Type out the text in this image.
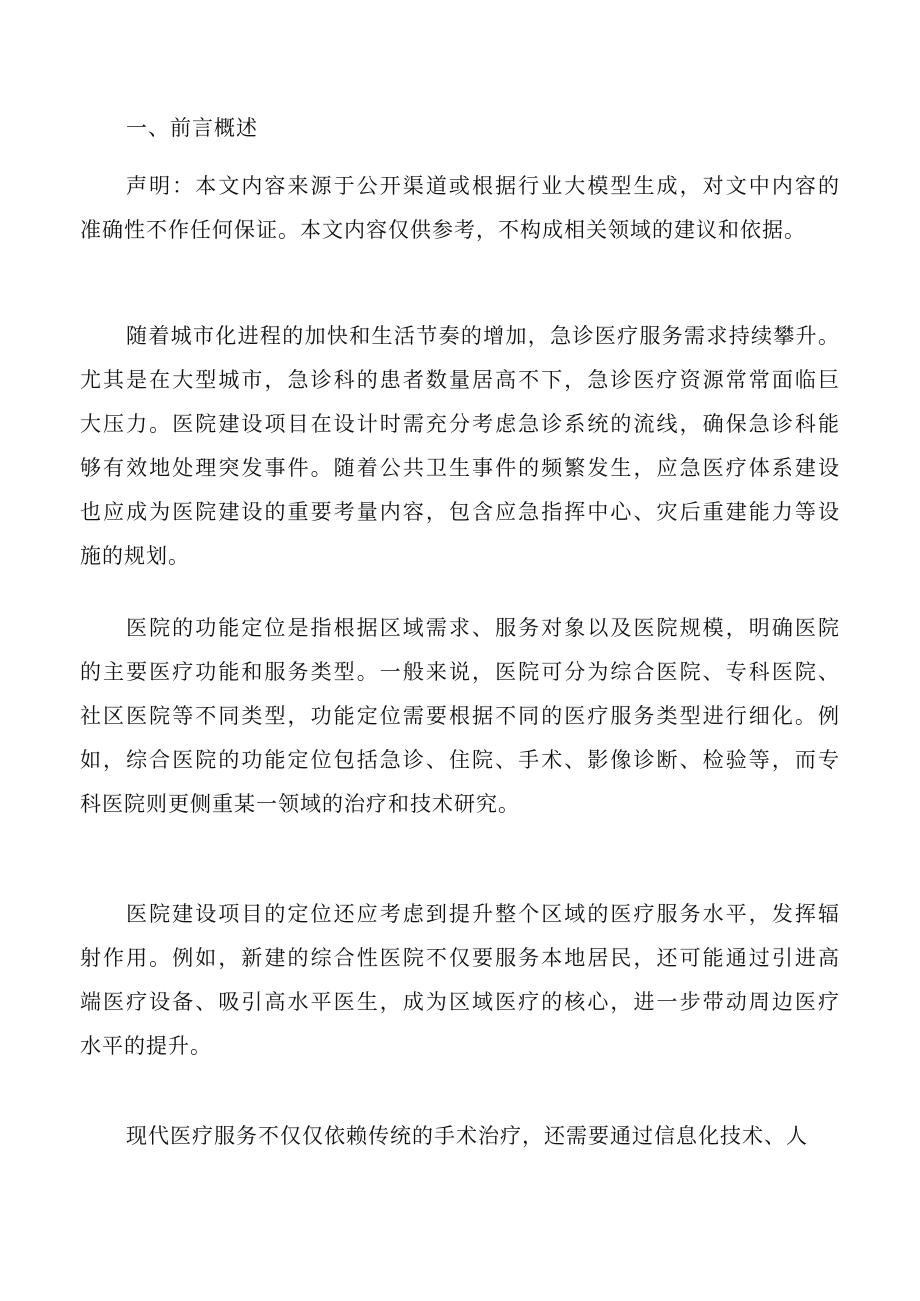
一、前言概述
声明：本文内容来源于公开渠道或根据行业大模型生成，对文中内容的
准确性不作任何保证。本文内容仅供参考，不构成相关领域的建议和依据。
随着城市化进程的加快和生活节奏的增加，急诊医疗服务需求持续攀升。
尤其是在大型城市，急诊科的患者数量居高不下，急诊医疗资源常常面临巨
大压力。医院建设项目在设计时需充分考虑急诊系统的流线，确保急诊科能
够有效地处理突发事件。随着公共卫生事件的频繁发生，应急医疗体系建设
也应成为医院建设的重要考量内容，包含应急指挥中心、灾后重建能力等设
施的规划。
医院的功能定位是指根据区域需求、服务对象以及医院规模，明确医院
的主要医疗功能和服务类型。一般来说，医院可分为综合医院、专科医院、
社区医院等不同类型，功能定位需要根据不同的医疗服务类型进行细化。例
如，综合医院的功能定位包括急诊、住院、手术、影像诊断、检验等，而专
科医院则更侧重某一领域的治疗和技术研究。
医院建设项目的定位还应考虑到提升整个区域的医疗服务水平，发挥辐
射作用。例如，新建的综合性医院不仅要服务本地居民，还可能通过引进高
端医疗设备、吸引高水平医生，成为区域医疗的核心，进一步带动周边医疗
水平的提升。
现代医疗服务不仅仅依赖传统的手术治疗，还需要通过信息化技术、人
